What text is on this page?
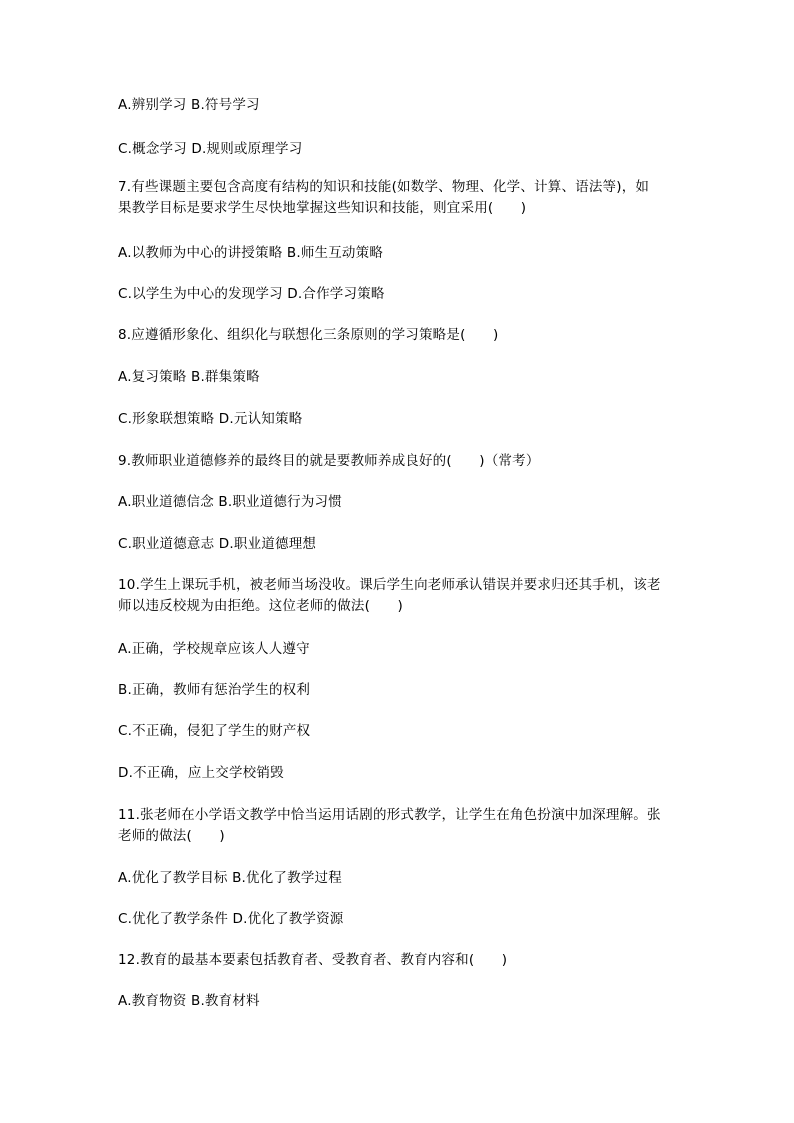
A.辨别学习 B.符号学习
C.概念学习 D.规则或原理学习
7.有些课题主要包含高度有结构的知识和技能(如数学、物理、化学、计算、语法等)，如
果教学目标是要求学生尽快地掌握这些知识和技能，则宜采用(　　)
A.以教师为中心的讲授策略 B.师生互动策略
C.以学生为中心的发现学习 D.合作学习策略
8.应遵循形象化、组织化与联想化三条原则的学习策略是(　　)
A.复习策略 B.群集策略
C.形象联想策略 D.元认知策略
9.教师职业道德修养的最终目的就是要教师养成良好的(　　)（常考）
A.职业道德信念 B.职业道德行为习惯
C.职业道德意志 D.职业道德理想
10.学生上课玩手机，被老师当场没收。课后学生向老师承认错误并要求归还其手机，该老
师以违反校规为由拒绝。这位老师的做法(　　)
A.正确，学校规章应该人人遵守
B.正确，教师有惩治学生的权利
C.不正确，侵犯了学生的财产权
D.不正确，应上交学校销毁
11.张老师在小学语文教学中恰当运用话剧的形式教学，让学生在角色扮演中加深理解。张
老师的做法(　　)
A.优化了教学目标 B.优化了教学过程
C.优化了教学条件 D.优化了教学资源
12.教育的最基本要素包括教育者、受教育者、教育内容和(　　)
A.教育物资 B.教育材料
